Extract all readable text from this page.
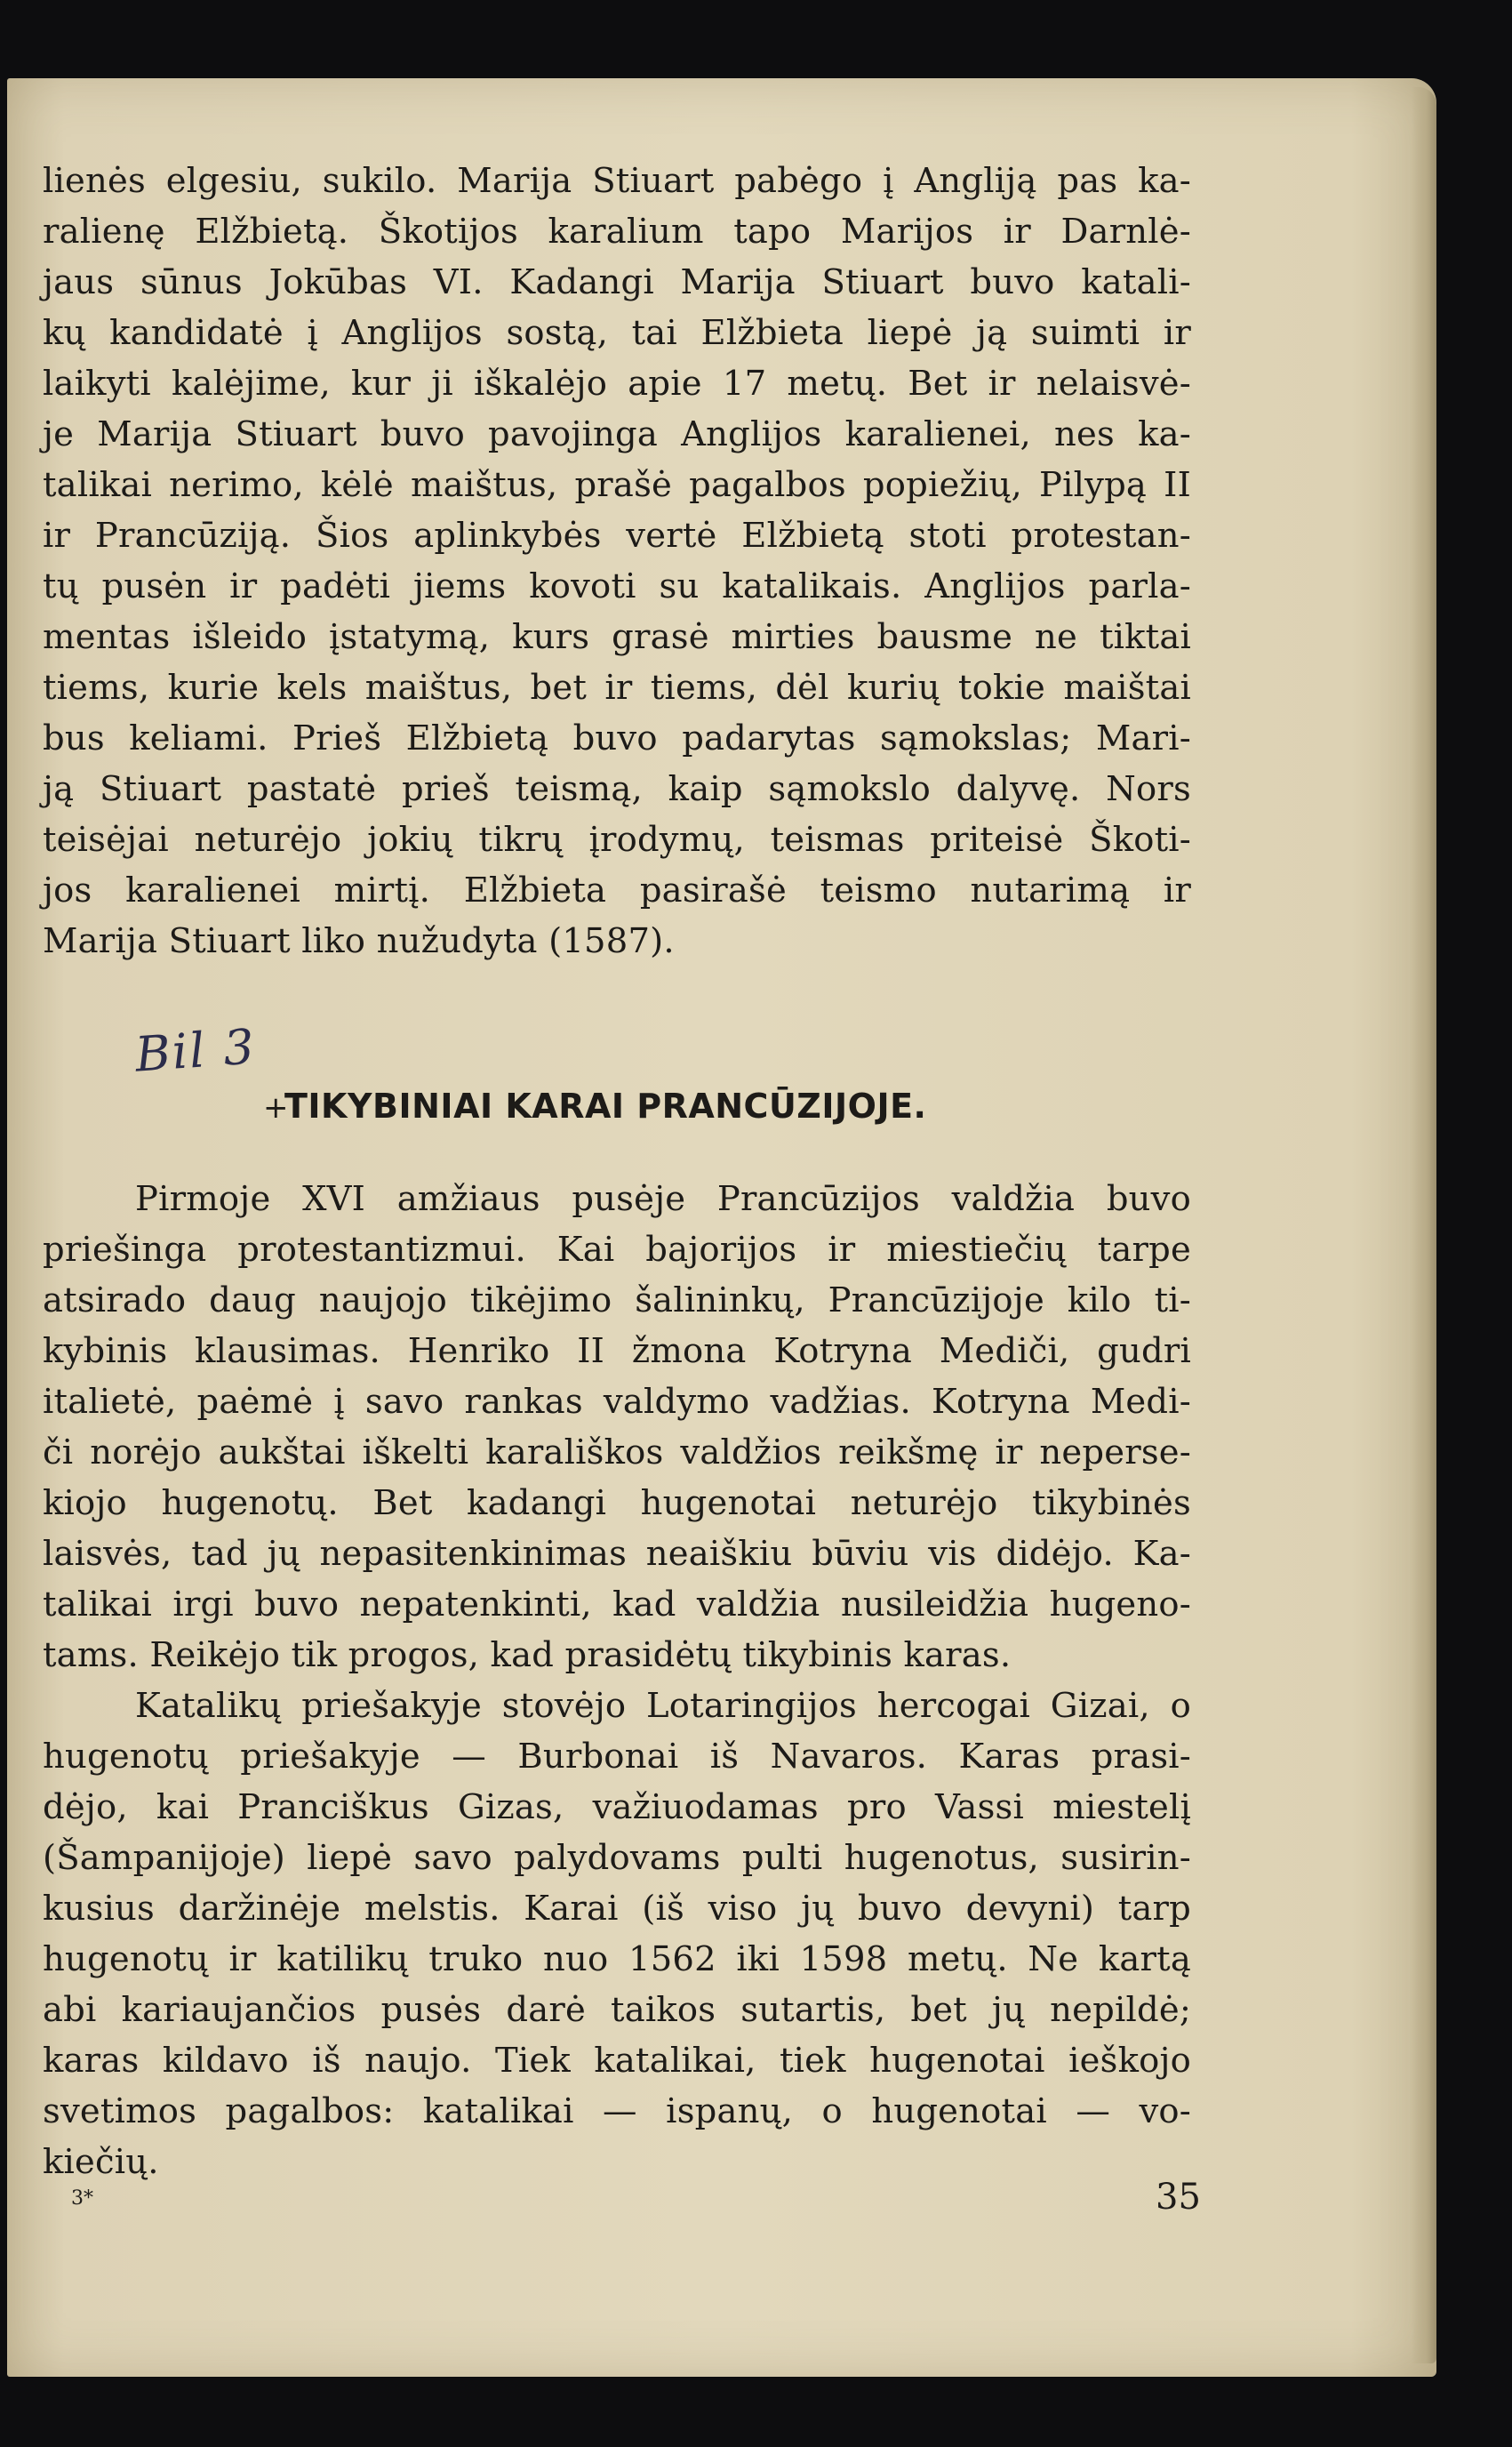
lienės elgesiu, sukilo. Marija Stiuart pabėgo į Angliją pas ka-
ralienę Elžbietą. Škotijos karalium tapo Marijos ir Darnlė-
jaus sūnus Jokūbas VI. Kadangi Marija Stiuart buvo katali-
kų kandidatė į Anglijos sostą, tai Elžbieta liepė ją suimti ir
laikyti kalėjime, kur ji iškalėjo apie 17 metų. Bet ir nelaisvė-
je Marija Stiuart buvo pavojinga Anglijos karalienei, nes ka-
talikai nerimo, kėlė maištus, prašė pagalbos popiežių, Pilypą II
ir Prancūziją. Šios aplinkybės vertė Elžbietą stoti protestan-
tų pusėn ir padėti jiems kovoti su katalikais. Anglijos parla-
mentas išleido įstatymą, kurs grasė mirties bausme ne tiktai
tiems, kurie kels maištus, bet ir tiems, dėl kurių tokie maištai
bus keliami. Prieš Elžbietą buvo padarytas sąmokslas; Mari-
ją Stiuart pastatė prieš teismą, kaip sąmokslo dalyvę. Nors
teisėjai neturėjo jokių tikrų įrodymų, teismas priteisė Škoti-
jos karalienei mirtį. Elžbieta pasirašė teismo nutarimą ir
Marija Stiuart liko nužudyta (1587).
Bil 3
+
TIKYBINIAI KARAI PRANCŪZIJOJE.
Pirmoje XVI amžiaus pusėje Prancūzijos valdžia buvo
priešinga protestantizmui. Kai bajorijos ir miestiečių tarpe
atsirado daug naujojo tikėjimo šalininkų, Prancūzijoje kilo tі-
kybinis klausimas. Henriko II žmona Kotryna Mediči, gudri
italietė, paėmė į savo rankas valdymo vadžias. Kotryna Medi-
či norėjo aukštai iškelti karališkos valdžios reikšmę ir neperse-
kiojo hugenotų. Bet kadangi hugenotai neturėjo tikybinės
laisvės, tad jų nepasitenkinimas neaiškiu būviu vis didėjo. Ka-
talikai irgi buvo nepatenkinti, kad valdžia nusileidžia hugeno-
tams. Reikėjo tik progos, kad prasidėtų tikybinis karas.
Katalikų priešakyje stovėjo Lotaringijos hercogai Gizai, o
hugenotų priešakyje — Burbonai iš Navaros. Karas prasi-
dėjo, kai Pranciškus Gizas, važiuodamas pro Vassi miestelį
(Šampanijoje) liepė savo palydovams pulti hugenotus, susirin-
kusius daržinėje melstis. Karai (iš viso jų buvo devyni) tarp
hugenotų ir katilikų truko nuo 1562 iki 1598 metų. Ne kartą
abi kariaujančios pusės darė taikos sutartis, bet jų nepildė;
karas kildavo iš naujo. Tiek katalikai, tiek hugenotai ieškojo
svetimos pagalbos: katalikai — ispanų, o hugenotai — vo-
kiečių.
3*	35
